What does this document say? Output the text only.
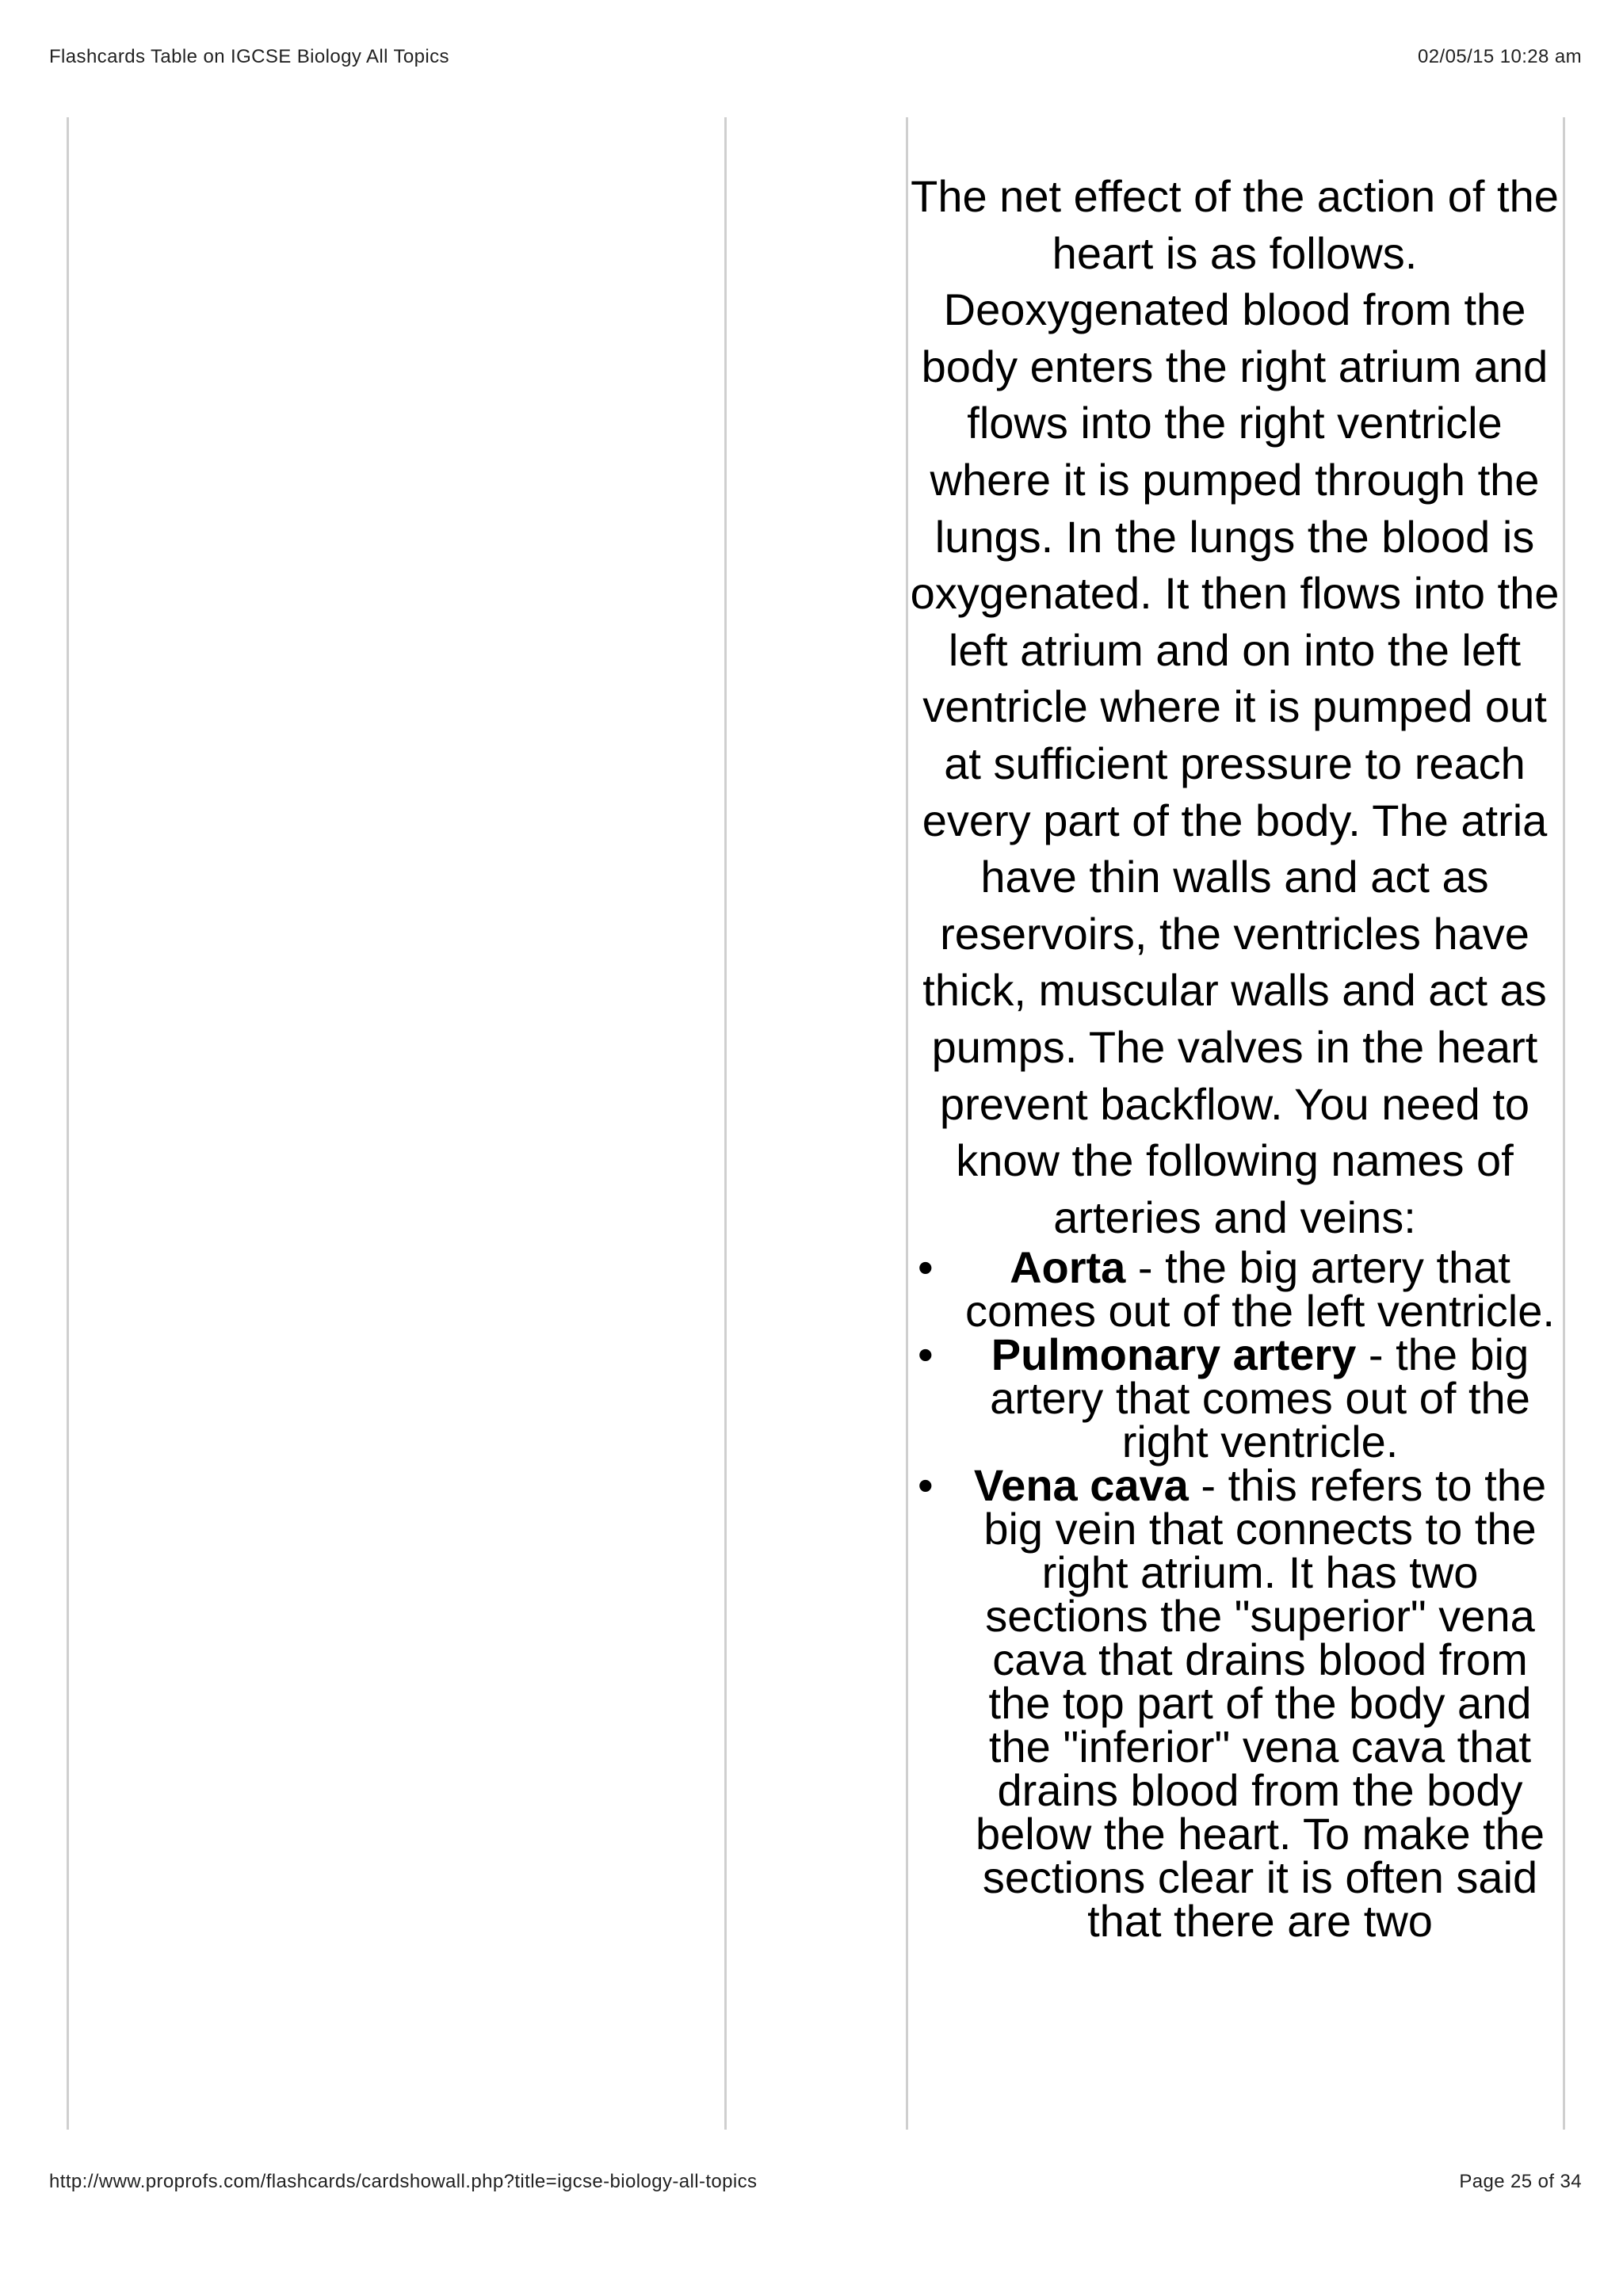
Flashcards Table on IGCSE Biology All Topics	02/05/15 10:28 am

The net effect of the action of the heart is as follows. Deoxygenated blood from the body enters the right atrium and flows into the right ventricle where it is pumped through the lungs. In the lungs the blood is oxygenated. It then flows into the left atrium and on into the left ventricle where it is pumped out at sufficient pressure to reach every part of the body. The atria have thin walls and act as reservoirs, the ventricles have thick, muscular walls and act as pumps. The valves in the heart prevent backflow. You need to know the following names of arteries and veins:

• Aorta - the big artery that comes out of the left ventricle.
• Pulmonary artery - the big artery that comes out of the right ventricle.
• Vena cava - this refers to the big vein that connects to the right atrium. It has two sections the "superior" vena cava that drains blood from the top part of the body and the "inferior" vena cava that drains blood from the body below the heart. To make the sections clear it is often said that there are two
http://www.proprofs.com/flashcards/cardshowall.php?title=igcse-biology-all-topics	Page 25 of 34
